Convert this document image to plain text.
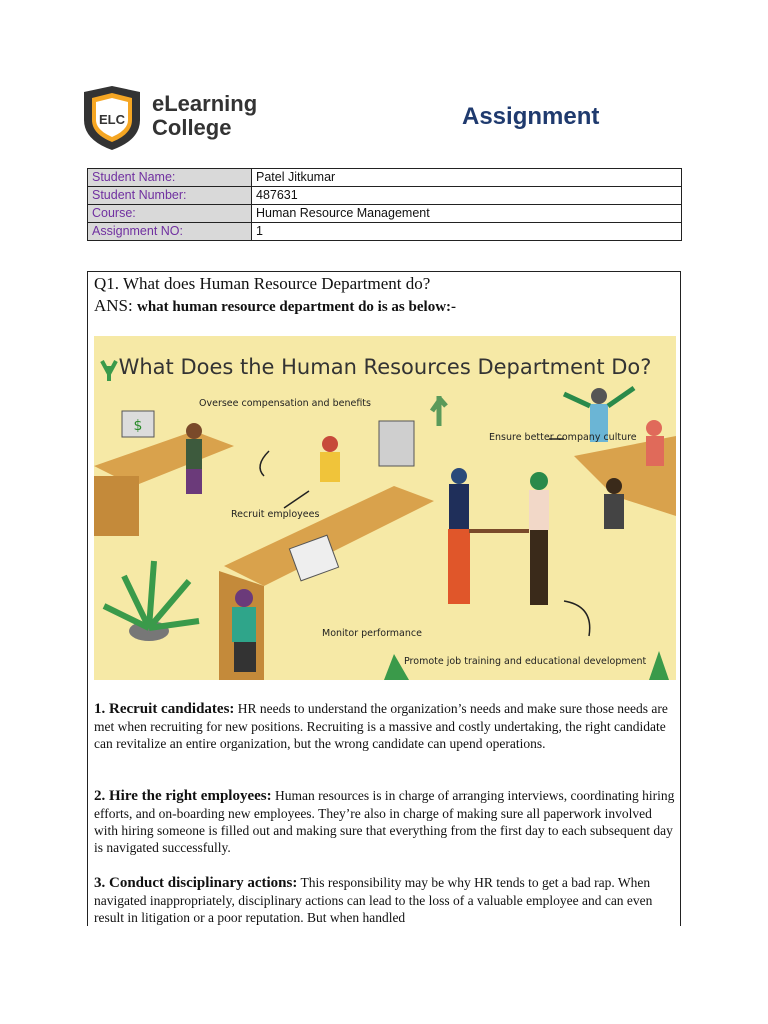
ELC
eLearning
College	Assignment
Student Name:	Patel Jitkumar
Student Number:	487631
Course:	Human Resource Management
Assignment NO:	1
Q1. What does Human Resource Department do?
ANS: what human resource department do is as below:-
What Does the Human Resources Department Do?
$
Oversee compensation and benefits
Ensure better company culture
Recruit employees
Monitor performance
Promote job training and educational development
1. Recruit candidates: HR needs to understand the organization’s needs and make sure those needs are met when recruiting for new positions. Recruiting is a massive and costly undertaking, the right candidate can revitalize an entire organization, but the wrong candidate can upend operations.
2. Hire the right employees: Human resources is in charge of arranging interviews, coordinating hiring efforts, and on-boarding new employees. They’re also in charge of making sure all paperwork involved with hiring someone is filled out and making sure that everything from the first day to each subsequent day is navigated successfully.
3. Conduct disciplinary actions: This responsibility may be why HR tends to get a bad rap. When navigated inappropriately, disciplinary actions can lead to the loss of a valuable employee and can even result in litigation or a poor reputation. But when handled
